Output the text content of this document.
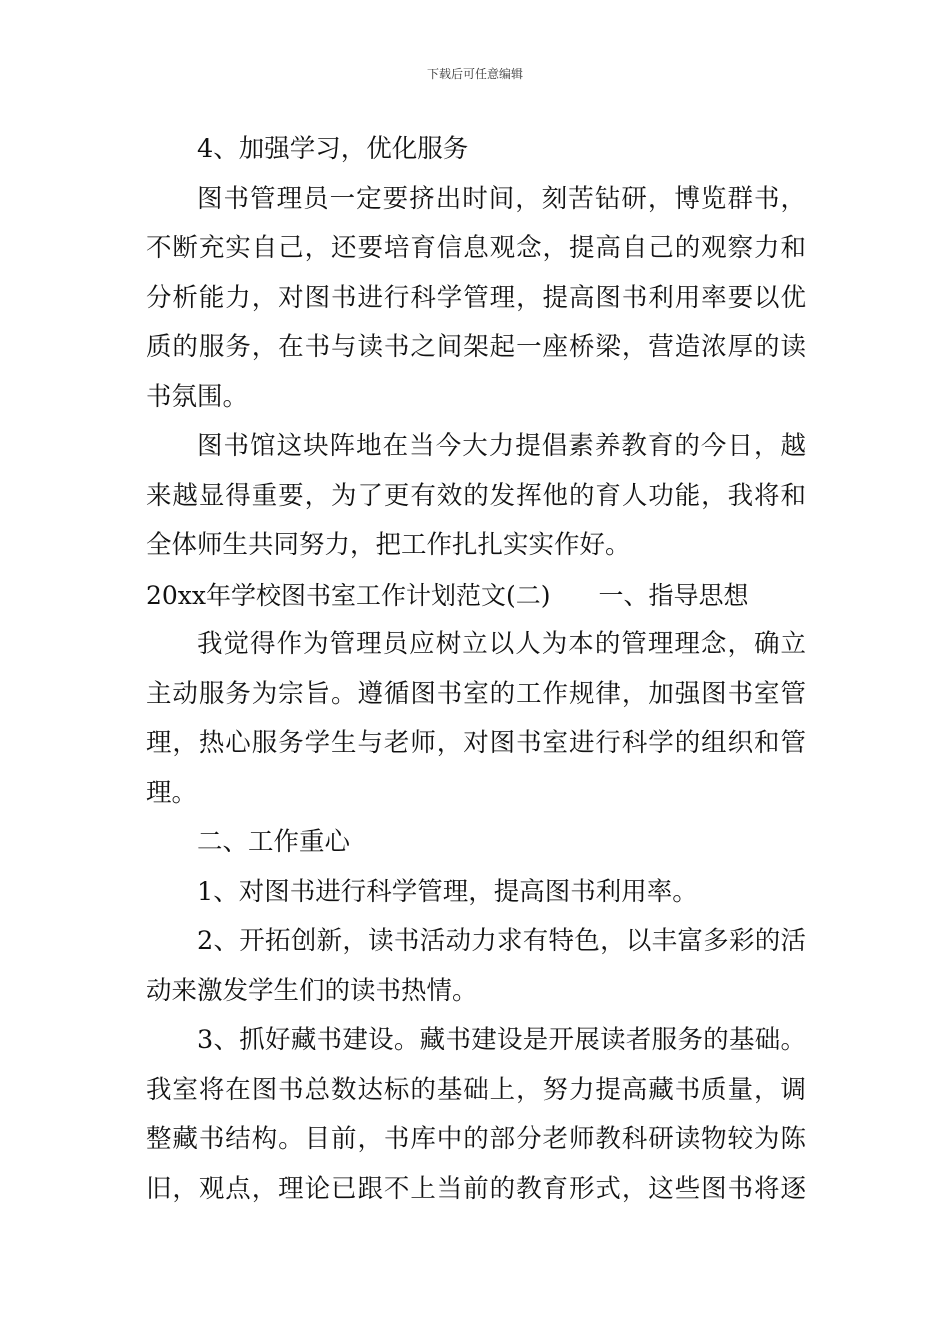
下载后可任意编辑
4、加强学习，优化服务
图书管理员一定要挤出时间，刻苦钻研，博览群书，
不断充实自己，还要培育信息观念，提高自己的观察力和
分析能力，对图书进行科学管理，提高图书利用率要以优
质的服务，在书与读书之间架起一座桥梁，营造浓厚的读
书氛围。
图书馆这块阵地在当今大力提倡素养教育的今日，越
来越显得重要，为了更有效的发挥他的育人功能，我将和
全体师生共同努力，把工作扎扎实实作好。
20xx年学校图书室工作计划范文(二) 一、指导思想
我觉得作为管理员应树立以人为本的管理理念，确立
主动服务为宗旨。遵循图书室的工作规律，加强图书室管
理，热心服务学生与老师，对图书室进行科学的组织和管
理。
二、工作重心
1、对图书进行科学管理，提高图书利用率。
2、开拓创新，读书活动力求有特色，以丰富多彩的活
动来激发学生们的读书热情。
3、抓好藏书建设。藏书建设是开展读者服务的基础。
我室将在图书总数达标的基础上，努力提高藏书质量，调
整藏书结构。目前，书库中的部分老师教科研读物较为陈
旧，观点，理论已跟不上当前的教育形式，这些图书将逐
